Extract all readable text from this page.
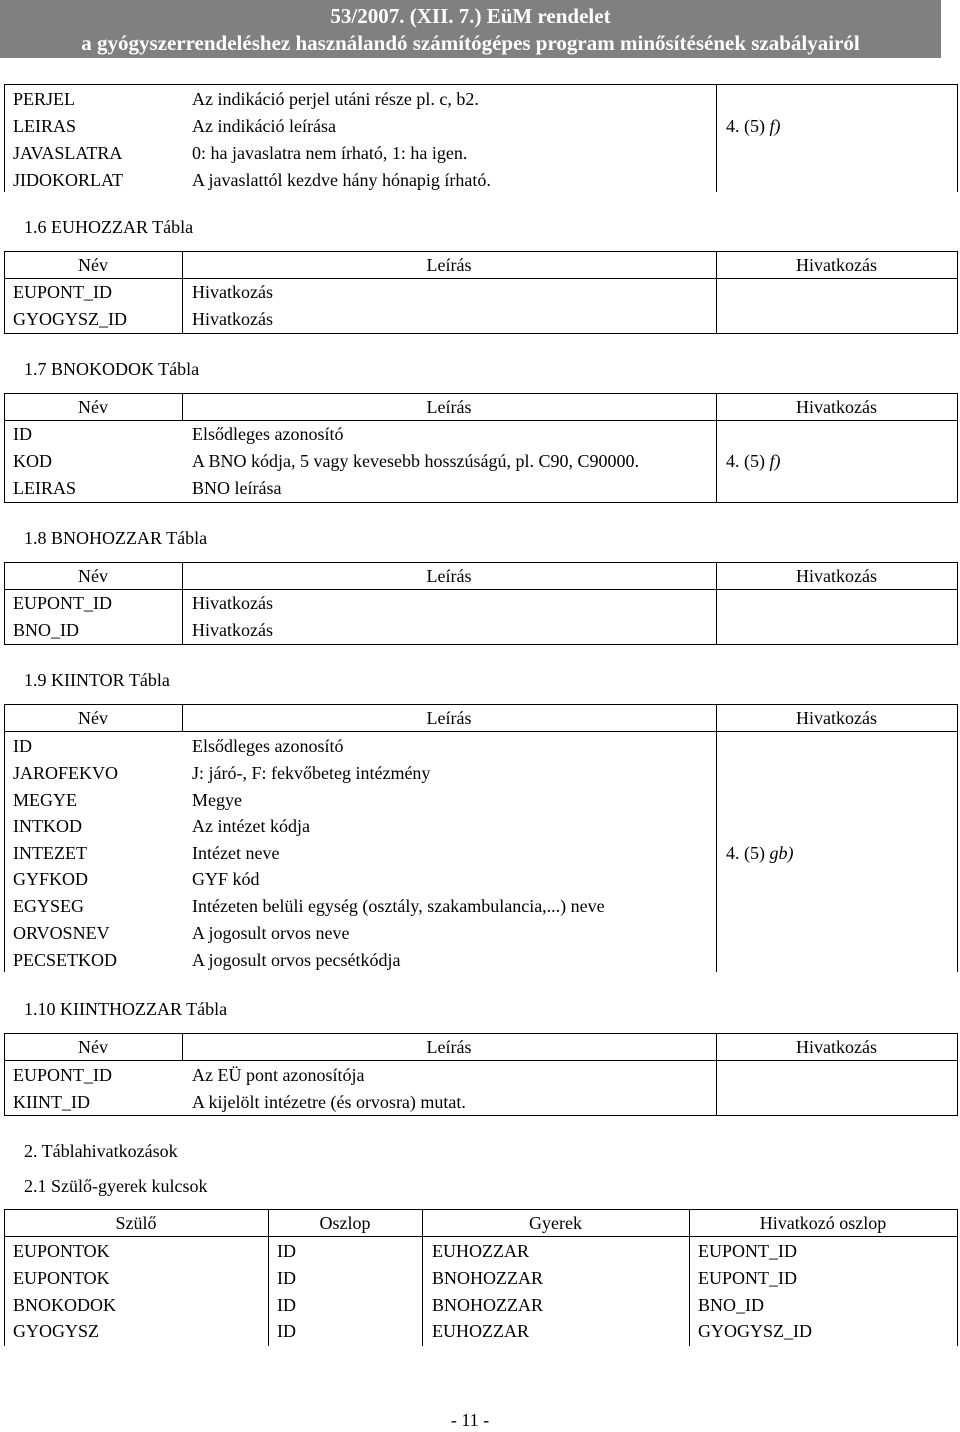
53/2007. (XII. 7.) EüM rendelet
a gyógyszerrendeléshez használandó számítógépes program minősítésének szabályairól
PERJEL	Az indikáció perjel utáni része pl. c, b2.
LEIRAS	Az indikáció leírása
JAVASLATRA	0: ha javaslatra nem írható, 1: ha igen.
JIDOKORLAT	A javaslattól kezdve hány hónapig írható.
4. (5) f)
1.6 EUHOZZAR Tábla
Név	Leírás	Hivatkozás
EUPONT_ID	Hivatkozás
GYOGYSZ_ID	Hivatkozás
1.7 BNOKODOK Tábla
Név	Leírás	Hivatkozás
ID	Elsődleges azonosító
KOD	A BNO kódja, 5 vagy kevesebb hosszúságú, pl. C90, C90000.
LEIRAS	BNO leírása
4. (5) f)
1.8 BNOHOZZAR Tábla
Név	Leírás	Hivatkozás
EUPONT_ID	Hivatkozás
BNO_ID	Hivatkozás
1.9 KIINTOR Tábla
Név	Leírás	Hivatkozás
ID	Elsődleges azonosító
JAROFEKVO	J: járó-, F: fekvőbeteg intézmény
MEGYE	Megye
INTKOD	Az intézet kódja
INTEZET	Intézet neve
GYFKOD	GYF kód
EGYSEG	Intézeten belüli egység (osztály, szakambulancia,...) neve
ORVOSNEV	A jogosult orvos neve
PECSETKOD	A jogosult orvos pecsétkódja
4. (5) gb)
1.10 KIINTHOZZAR Tábla
Név	Leírás	Hivatkozás
EUPONT_ID	Az EÜ pont azonosítója
KIINT_ID	A kijelölt intézetre (és orvosra) mutat.
2. Táblahivatkozások
2.1 Szülő-gyerek kulcsok
Szülő	Oszlop	Gyerek	Hivatkozó oszlop
EUPONTOK	ID	EUHOZZAR	EUPONT_ID
EUPONTOK	ID	BNOHOZZAR	EUPONT_ID
BNOKODOK	ID	BNOHOZZAR	BNO_ID
GYOGYSZ	ID	EUHOZZAR	GYOGYSZ_ID
- 11 -
